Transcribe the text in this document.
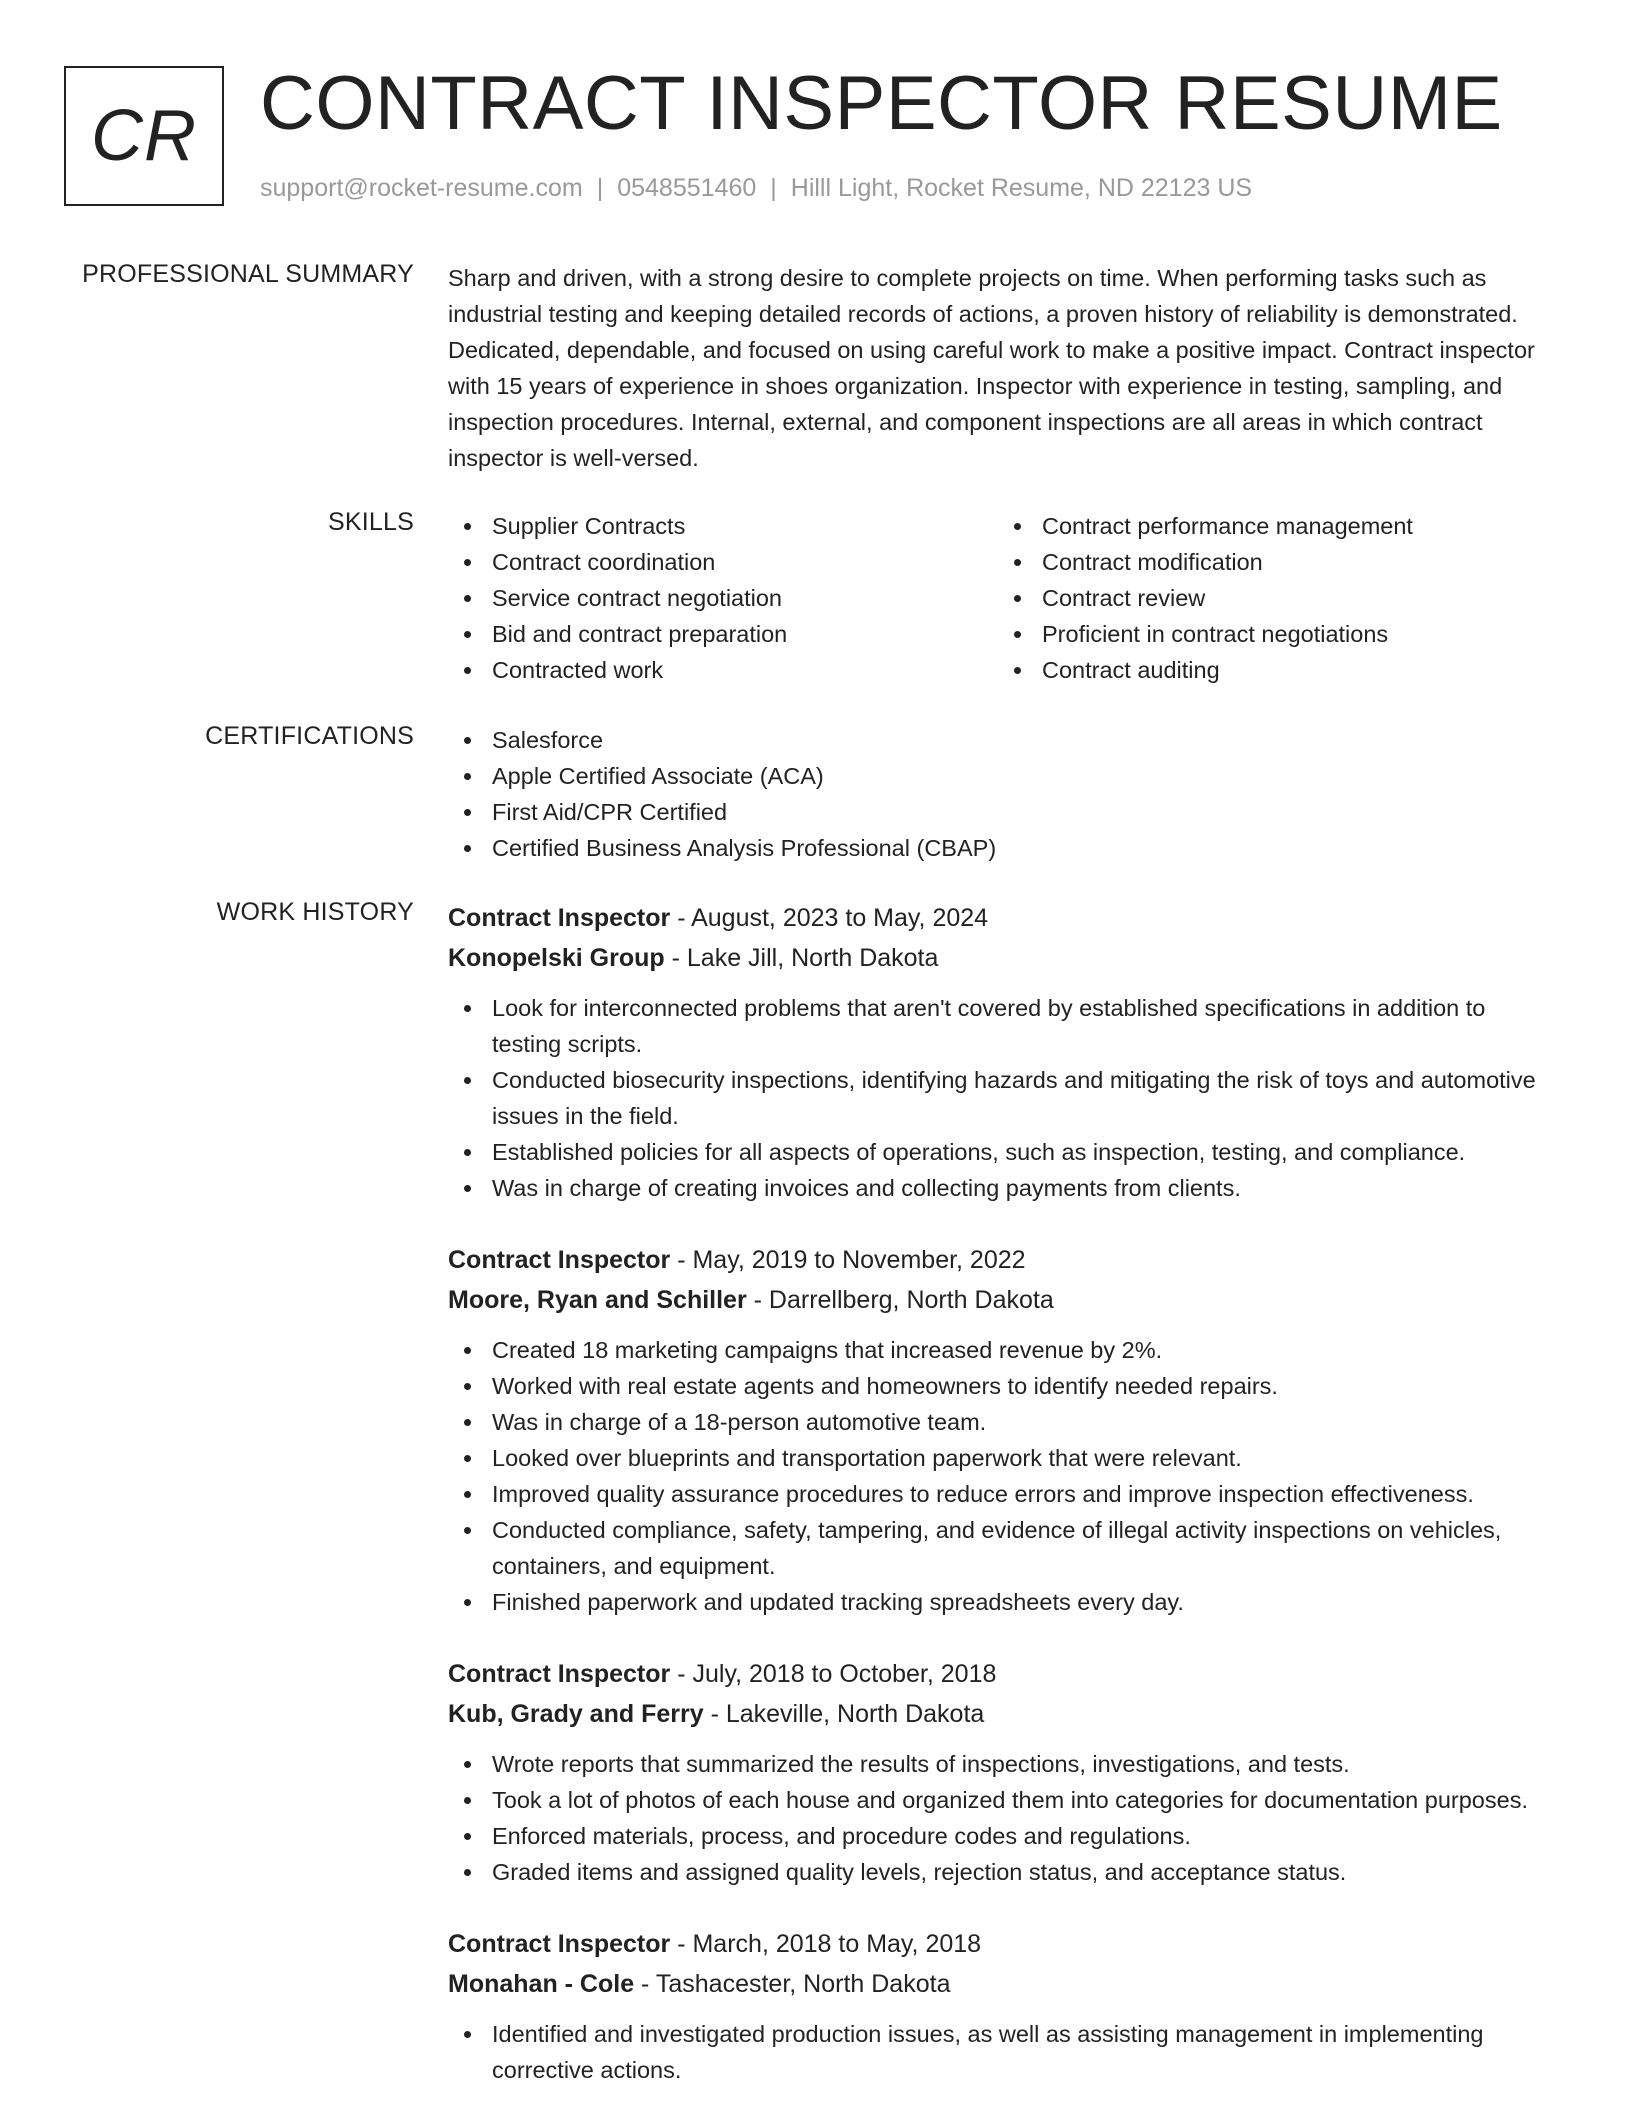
CR CONTRACT INSPECTOR RESUME
support@rocket-resume.com | 0548551460 | Hilll Light, Rocket Resume, ND 22123 US
PROFESSIONAL SUMMARY Sharp and driven, with a strong desire to complete projects on time. When performing tasks such as industrial testing and keeping detailed records of actions, a proven history of reliability is demonstrated. Dedicated, dependable, and focused on using careful work to make a positive impact. Contract inspector with 15 years of experience in shoes organization. Inspector with experience in testing, sampling, and inspection procedures. Internal, external, and component inspections are all areas in which contract inspector is well-versed.
SKILLS	Supplier Contracts
Contract coordination
Service contract negotiation
Bid and contract preparation
Contracted work
Contract performance management
Contract modification
Contract review
Proficient in contract negotiations
Contract auditing
CERTIFICATIONS	Salesforce
Apple Certified Associate (ACA)
First Aid/CPR Certified
Certified Business Analysis Professional (CBAP)
WORK HISTORY Contract Inspector - August, 2023 to May, 2024
Konopelski Group - Lake Jill, North Dakota
Look for interconnected problems that aren't covered by established specifications in addition to testing scripts.
Conducted biosecurity inspections, identifying hazards and mitigating the risk of toys and automotive issues in the field.
Established policies for all aspects of operations, such as inspection, testing, and compliance.
Was in charge of creating invoices and collecting payments from clients.
Contract Inspector - May, 2019 to November, 2022
Moore, Ryan and Schiller - Darrellberg, North Dakota
Created 18 marketing campaigns that increased revenue by 2%.
Worked with real estate agents and homeowners to identify needed repairs.
Was in charge of a 18-person automotive team.
Looked over blueprints and transportation paperwork that were relevant.
Improved quality assurance procedures to reduce errors and improve inspection effectiveness.
Conducted compliance, safety, tampering, and evidence of illegal activity inspections on vehicles, containers, and equipment.
Finished paperwork and updated tracking spreadsheets every day.
Contract Inspector - July, 2018 to October, 2018
Kub, Grady and Ferry - Lakeville, North Dakota
Wrote reports that summarized the results of inspections, investigations, and tests.
Took a lot of photos of each house and organized them into categories for documentation purposes.
Enforced materials, process, and procedure codes and regulations.
Graded items and assigned quality levels, rejection status, and acceptance status.
Contract Inspector - March, 2018 to May, 2018
Monahan - Cole - Tashacester, North Dakota
Identified and investigated production issues, as well as assisting management in implementing corrective actions.
